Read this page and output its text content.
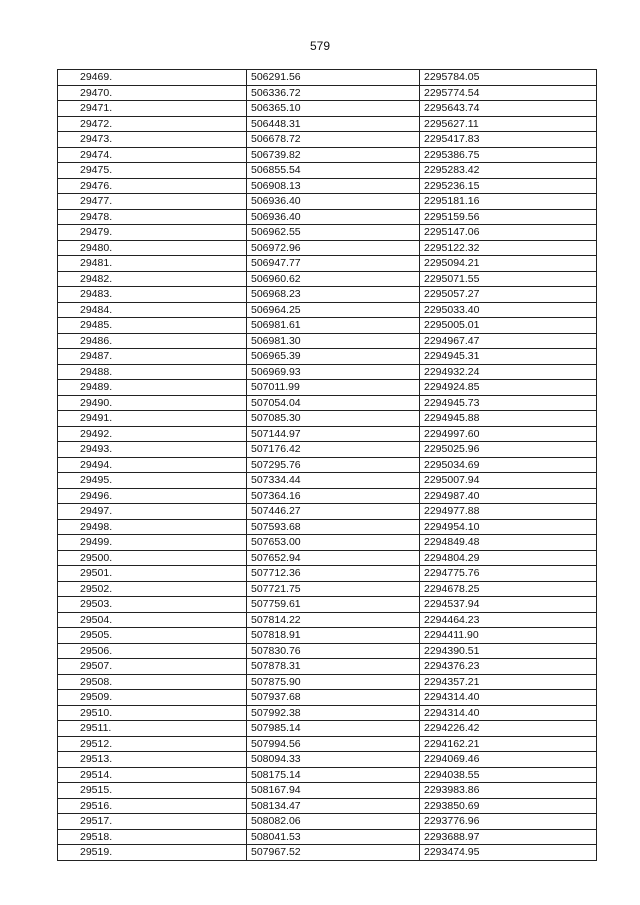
579
29469.	506291.56	2295784.05
29470.	506336.72	2295774.54
29471.	506365.10	2295643.74
29472.	506448.31	2295627.11
29473.	506678.72	2295417.83
29474.	506739.82	2295386.75
29475.	506855.54	2295283.42
29476.	506908.13	2295236.15
29477.	506936.40	2295181.16
29478.	506936.40	2295159.56
29479.	506962.55	2295147.06
29480.	506972.96	2295122.32
29481.	506947.77	2295094.21
29482.	506960.62	2295071.55
29483.	506968.23	2295057.27
29484.	506964.25	2295033.40
29485.	506981.61	2295005.01
29486.	506981.30	2294967.47
29487.	506965.39	2294945.31
29488.	506969.93	2294932.24
29489.	507011.99	2294924.85
29490.	507054.04	2294945.73
29491.	507085.30	2294945.88
29492.	507144.97	2294997.60
29493.	507176.42	2295025.96
29494.	507295.76	2295034.69
29495.	507334.44	2295007.94
29496.	507364.16	2294987.40
29497.	507446.27	2294977.88
29498.	507593.68	2294954.10
29499.	507653.00	2294849.48
29500.	507652.94	2294804.29
29501.	507712.36	2294775.76
29502.	507721.75	2294678.25
29503.	507759.61	2294537.94
29504.	507814.22	2294464.23
29505.	507818.91	2294411.90
29506.	507830.76	2294390.51
29507.	507878.31	2294376.23
29508.	507875.90	2294357.21
29509.	507937.68	2294314.40
29510.	507992.38	2294314.40
29511.	507985.14	2294226.42
29512.	507994.56	2294162.21
29513.	508094.33	2294069.46
29514.	508175.14	2294038.55
29515.	508167.94	2293983.86
29516.	508134.47	2293850.69
29517.	508082.06	2293776.96
29518.	508041.53	2293688.97
29519.	507967.52	2293474.95
